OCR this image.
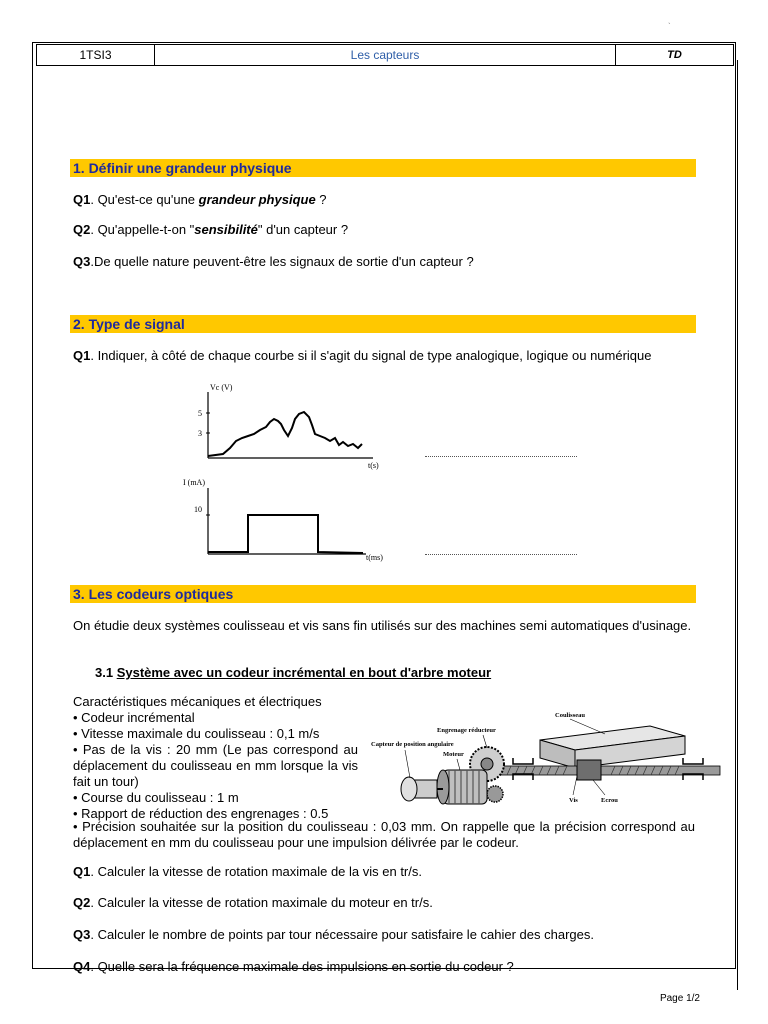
`
1TSI3	Les capteurs	TD
1. Définir une grandeur physique
Q1. Qu'est-ce qu'une grandeur physique ?
Q2. Qu'appelle-t-on "sensibilité" d'un capteur ?
Q3.De quelle nature peuvent-être les signaux de sortie d'un capteur ?
2. Type de signal
Q1. Indiquer, à côté de chaque courbe si il s'agit du signal de type analogique, logique ou numérique
Vc (V)
t(s)
5
3
I (mA)
t(ms)
10
3. Les codeurs optiques
On étudie deux systèmes coulisseau et vis sans fin utilisés sur des machines semi automatiques d'usinage.
3.1 Système avec un codeur incrémental en bout d'arbre moteur
Caractéristiques mécaniques et électriques
• Codeur incrémental
• Vitesse maximale du coulisseau : 0,1 m/s
• Pas de la vis : 20 mm (Le pas correspond au déplacement du coulisseau en mm lorsque la vis fait un tour)
• Course du coulisseau : 1 m
• Rapport de réduction des engrenages : 0.5
Coulisseau
Engrenage réducteur
Capteur de position angulaire
Moteur
Vis	Ecrou
• Précision souhaitée sur la position du coulisseau : 0,03 mm. On rappelle que la précision correspond au déplacement en mm du coulisseau pour une impulsion délivrée par le codeur.
Q1. Calculer la vitesse de rotation maximale de la vis en tr/s.
Q2. Calculer la vitesse de rotation maximale du moteur en tr/s.
Q3. Calculer le nombre de points par tour nécessaire pour satisfaire le cahier des charges.
Q4. Quelle sera la fréquence maximale des impulsions en sortie du codeur ?
Page 1/2
